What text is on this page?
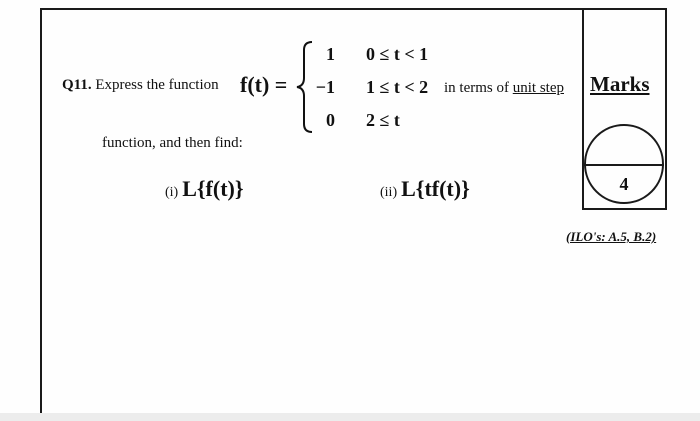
Q11. Express the function f(t) =
1
−1
0
0 ≤ t < 1
1 ≤ t < 2
2 ≤ t
in terms of unit step Marks
4
(ILO's: A.5, B.2)
function, and then find:
(i) L{f(t)}	(ii) L{tf(t)}
